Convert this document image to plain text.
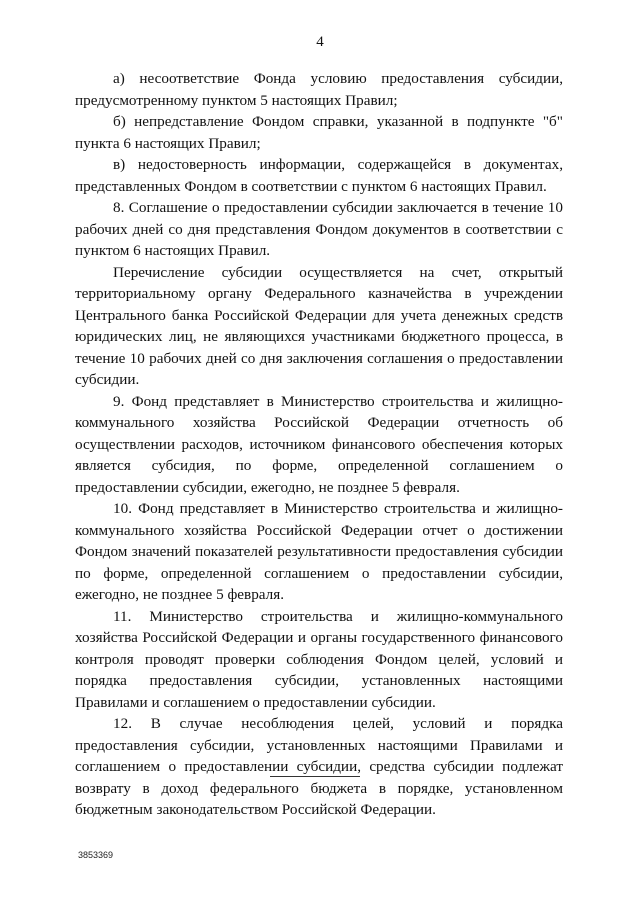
4

а) несоответствие Фонда условию предоставления субсидии, предусмотренному пунктом 5 настоящих Правил;

б) непредставление Фондом справки, указанной в подпункте "б" пункта 6 настоящих Правил;

в) недостоверность информации, содержащейся в документах, представленных Фондом в соответствии с пунктом 6 настоящих Правил.

8. Соглашение о предоставлении субсидии заключается в течение 10 рабочих дней со дня представления Фондом документов в соответствии с пунктом 6 настоящих Правил.

Перечисление субсидии осуществляется на счет, открытый территориальному органу Федерального казначейства в учреждении Центрального банка Российской Федерации для учета денежных средств юридических лиц, не являющихся участниками бюджетного процесса, в течение 10 рабочих дней со дня заключения соглашения о предоставлении субсидии.

9. Фонд представляет в Министерство строительства и жилищно-коммунального хозяйства Российской Федерации отчетность об осуществлении расходов, источником финансового обеспечения которых является субсидия, по форме, определенной соглашением о предоставлении субсидии, ежегодно, не позднее 5 февраля.

10. Фонд представляет в Министерство строительства и жилищно-коммунального хозяйства Российской Федерации отчет о достижении Фондом значений показателей результативности предоставления субсидии по форме, определенной соглашением о предоставлении субсидии, ежегодно, не позднее 5 февраля.

11. Министерство строительства и жилищно-коммунального хозяйства Российской Федерации и органы государственного финансового контроля проводят проверки соблюдения Фондом целей, условий и порядка предоставления субсидии, установленных настоящими Правилами и соглашением о предоставлении субсидии.

12. В случае несоблюдения целей, условий и порядка предоставления субсидии, установленных настоящими Правилами и соглашением о предоставлении субсидии, средства субсидии подлежат возврату в доход федерального бюджета в порядке, установленном бюджетным законодательством Российской Федерации.

3853369
